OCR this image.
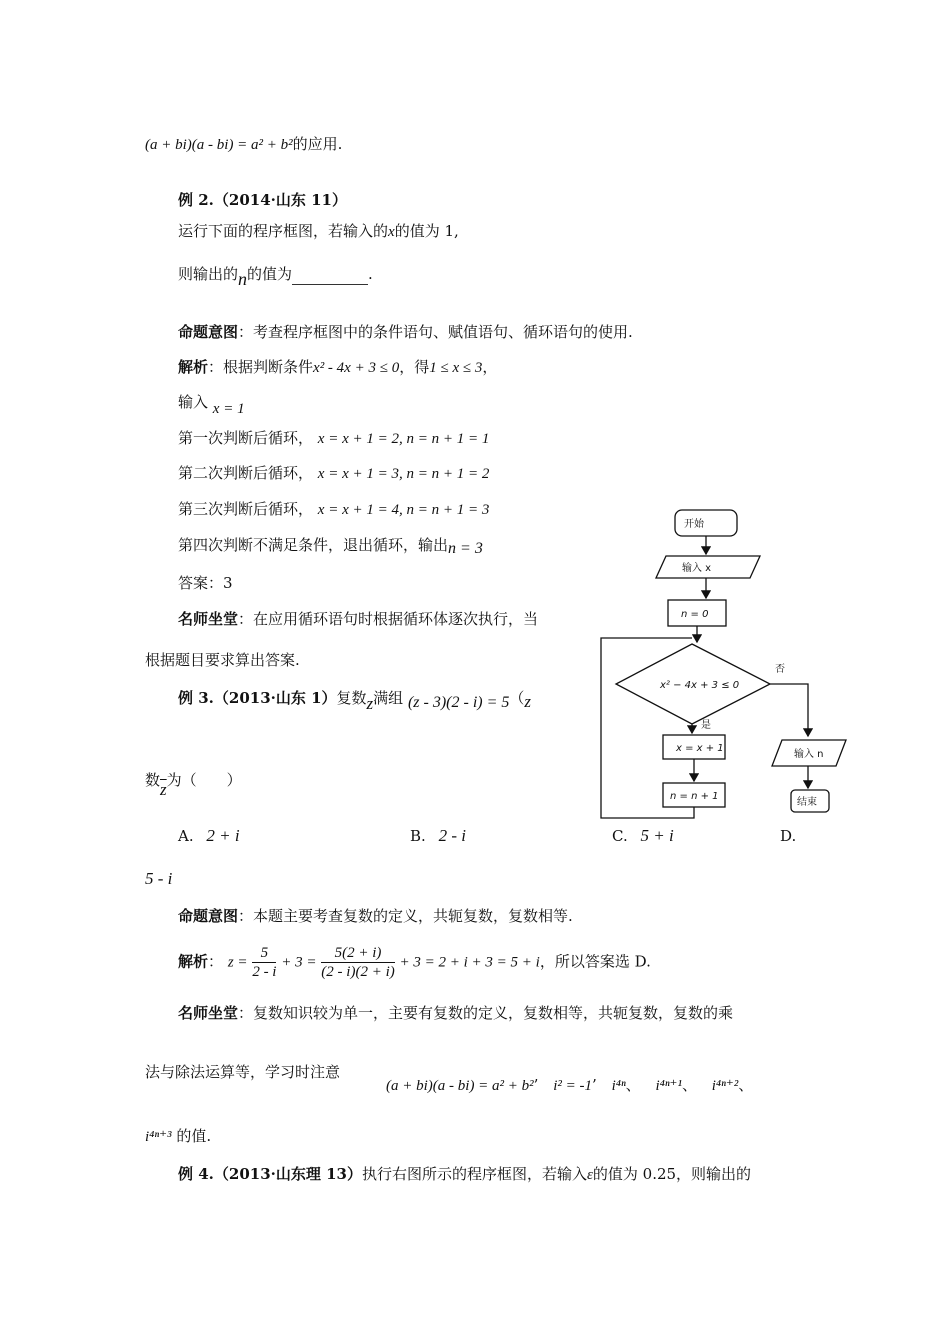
(a + bi)(a - bi) = a² + b²的应用.
例 2.（2014·山东 11）
运行下面的程序框图，若输入的x的值为 1,
则输出的n的值为	.
命题意图：考查程序框图中的条件语句、赋值语句、循环语句的使用.
解析：根据判断条件x² - 4x + 3 ≤ 0，得1 ≤ x ≤ 3，
输入 x = 1
第一次判断后循环， x = x + 1 = 2, n = n + 1 = 1
第二次判断后循环， x = x + 1 = 3, n = n + 1 = 2
第三次判断后循环， x = x + 1 = 4, n = n + 1 = 3
第四次判断不满足条件，退出循环，输出n = 3
答案：3
名师坐堂：在应用循环语句时根据循环体逐次执行，当
根据题目要求算出答案.
开始
输入 x
n = 0
x² − 4x + 3 ≤ 0
是
否
x = x + 1
n = n + 1
输入 n
结束
例 3.（2013·山东 1）复数z满组 (z - 3)(2 - i) = 5（z
数$\overline{z}$为（　　）
A. 2 + i	B. 2 - i	C. 5 + i	D.
5 - i
命题意图：本题主要考查复数的定义，共轭复数，复数相等.
解析： $z = \frac{5}{2 - i} + 3 = \frac{5(2 + i)}{(2 - i)(2 + i)} + 3 = 2 + i + 3 = 5 + i$，所以答案选 D.
名师坐堂：复数知识较为单一，主要有复数的定义，复数相等，共轭复数，复数的乘
法与除法运算等，学习时注意
(a + bi)(a - bi) = a² + b²’ i² = -1’ i⁴ⁿ、 i⁴ⁿ⁺¹、 i⁴ⁿ⁺²、
i⁴ⁿ⁺³ 的值.
例 4.（2013·山东理 13）执行右图所示的程序框图，若输入ε的值为 0.25，则输出的
